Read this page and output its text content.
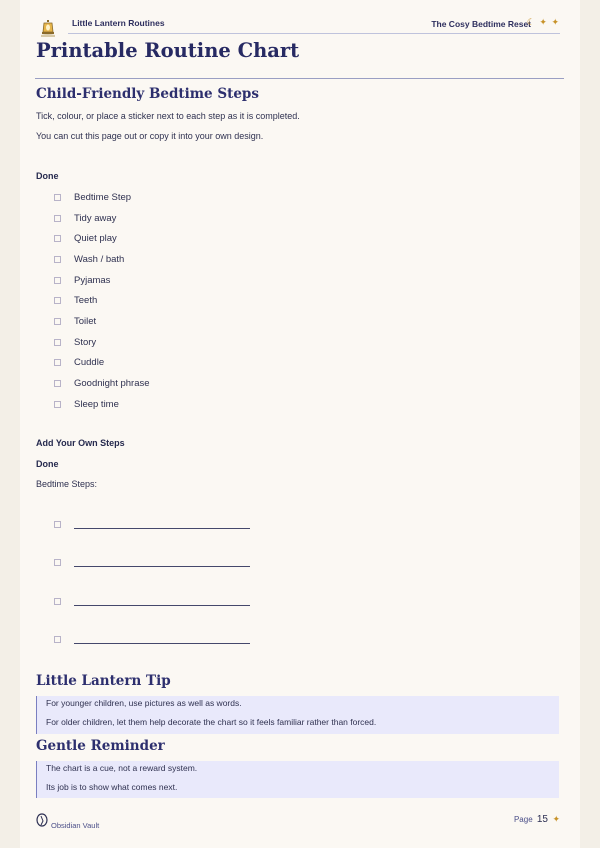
Little Lantern Routines	The Cosy Bedtime Reset
☾ ✦ ✦
Printable Routine Chart
Child-Friendly Bedtime Steps

Tick, colour, or place a sticker next to each step as it is completed.

You can cut this page out or copy it into your own design.

Done

Bedtime Step
Tidy away
Quiet play
Wash / bath
Pyjamas
Teeth
Toilet
Story
Cuddle
Goodnight phrase
Sleep time

Add Your Own Steps

Done

Bedtime Steps:

Little Lantern Tip

For younger children, use pictures as well as words.

For older children, let them help decorate the chart so it feels familiar rather than forced.

Gentle Reminder

The chart is a cue, not a reward system.

Its job is to show what comes next.

Obsidian Vault
Page 15 ✦
